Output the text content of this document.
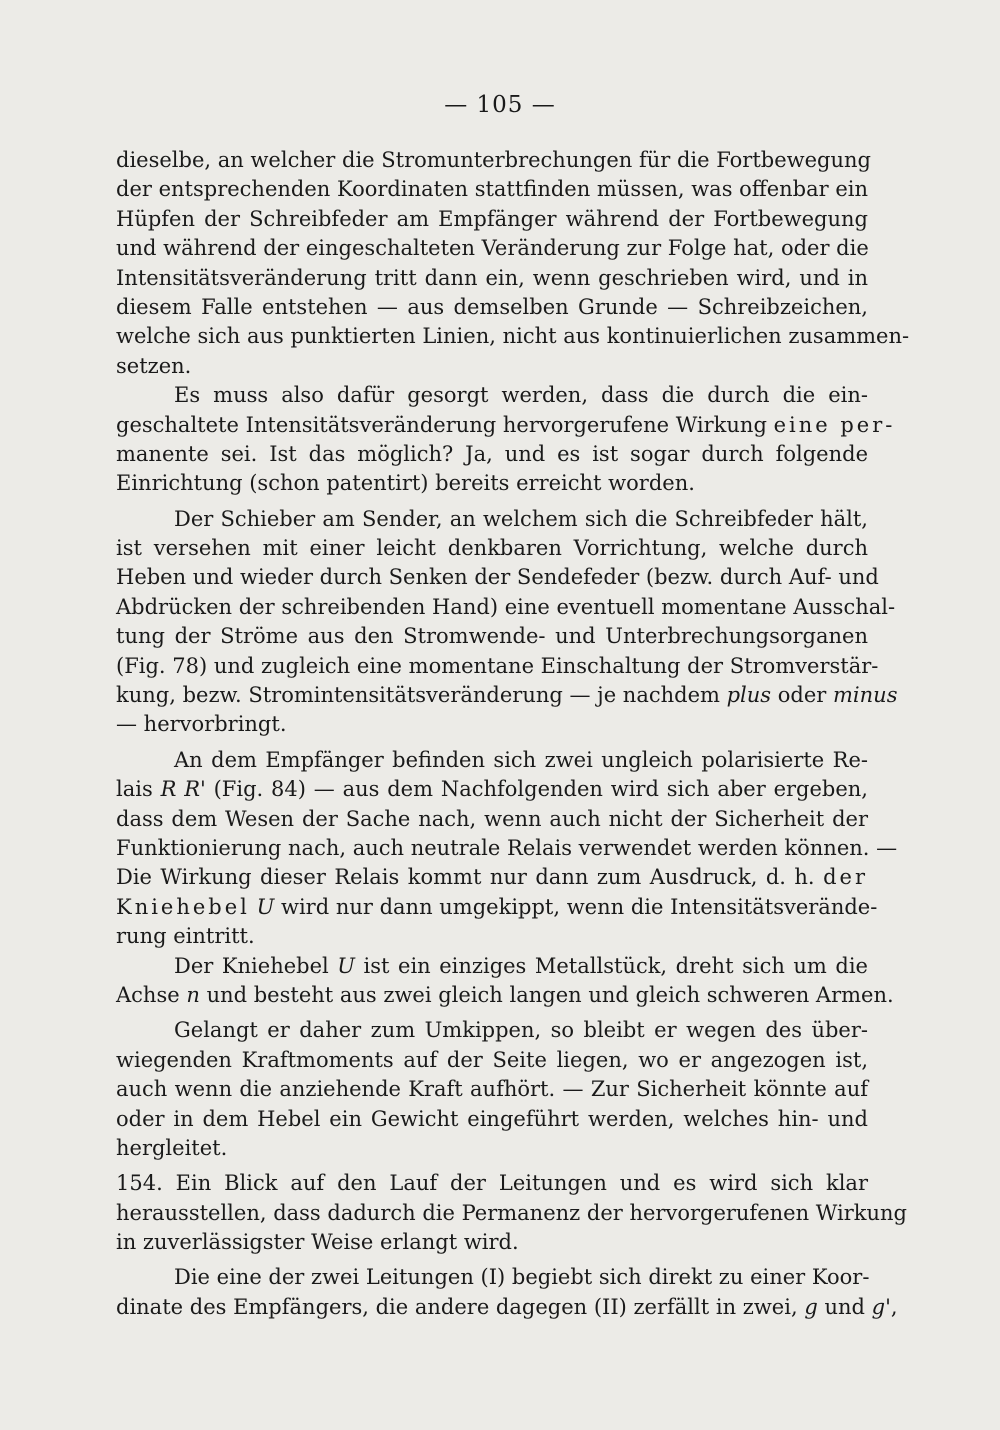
— 105 —
dieselbe, an welcher die Stromunterbrechungen für die Fortbewegung
der entsprechenden Koordinaten stattfinden müssen, was offenbar ein
Hüpfen der Schreibfeder am Empfänger während der Fortbewegung
und während der eingeschalteten Veränderung zur Folge hat, oder die
Intensitätsveränderung tritt dann ein, wenn geschrieben wird, und in
diesem Falle entstehen — aus demselben Grunde — Schreibzeichen,
welche sich aus punktierten Linien, nicht aus kontinuierlichen zusammen-
setzen.
Es muss also dafür gesorgt werden, dass die durch die ein-
geschaltete Intensitätsveränderung hervorgerufene Wirkung eine per-
manente sei. Ist das möglich? Ja, und es ist sogar durch folgende
Einrichtung (schon patentirt) bereits erreicht worden.
Der Schieber am Sender, an welchem sich die Schreibfeder hält,
ist versehen mit einer leicht denkbaren Vorrichtung, welche durch
Heben und wieder durch Senken der Sendefeder (bezw. durch Auf- und
Abdrücken der schreibenden Hand) eine eventuell momentane Ausschal-
tung der Ströme aus den Stromwende- und Unterbrechungsorganen
(Fig. 78) und zugleich eine momentane Einschaltung der Stromverstär-
kung, bezw. Stromintensitätsveränderung — je nachdem plus oder minus
— hervorbringt.
An dem Empfänger befinden sich zwei ungleich polarisierte Re-
lais R R' (Fig. 84) — aus dem Nachfolgenden wird sich aber ergeben,
dass dem Wesen der Sache nach, wenn auch nicht der Sicherheit der
Funktionierung nach, auch neutrale Relais verwendet werden können. —
Die Wirkung dieser Relais kommt nur dann zum Ausdruck, d. h. der
Kniehebel U wird nur dann umgekippt, wenn die Intensitätsverände-
rung eintritt.
Der Kniehebel U ist ein einziges Metallstück, dreht sich um die
Achse n und besteht aus zwei gleich langen und gleich schweren Armen.
Gelangt er daher zum Umkippen, so bleibt er wegen des über-
wiegenden Kraftmoments auf der Seite liegen, wo er angezogen ist,
auch wenn die anziehende Kraft aufhört. — Zur Sicherheit könnte auf
oder in dem Hebel ein Gewicht eingeführt werden, welches hin- und
hergleitet.
154. Ein Blick auf den Lauf der Leitungen und es wird sich klar
herausstellen, dass dadurch die Permanenz der hervorgerufenen Wirkung
in zuverlässigster Weise erlangt wird.
Die eine der zwei Leitungen (I) begiebt sich direkt zu einer Koor-
dinate des Empfängers, die andere dagegen (II) zerfällt in zwei, g und g',
